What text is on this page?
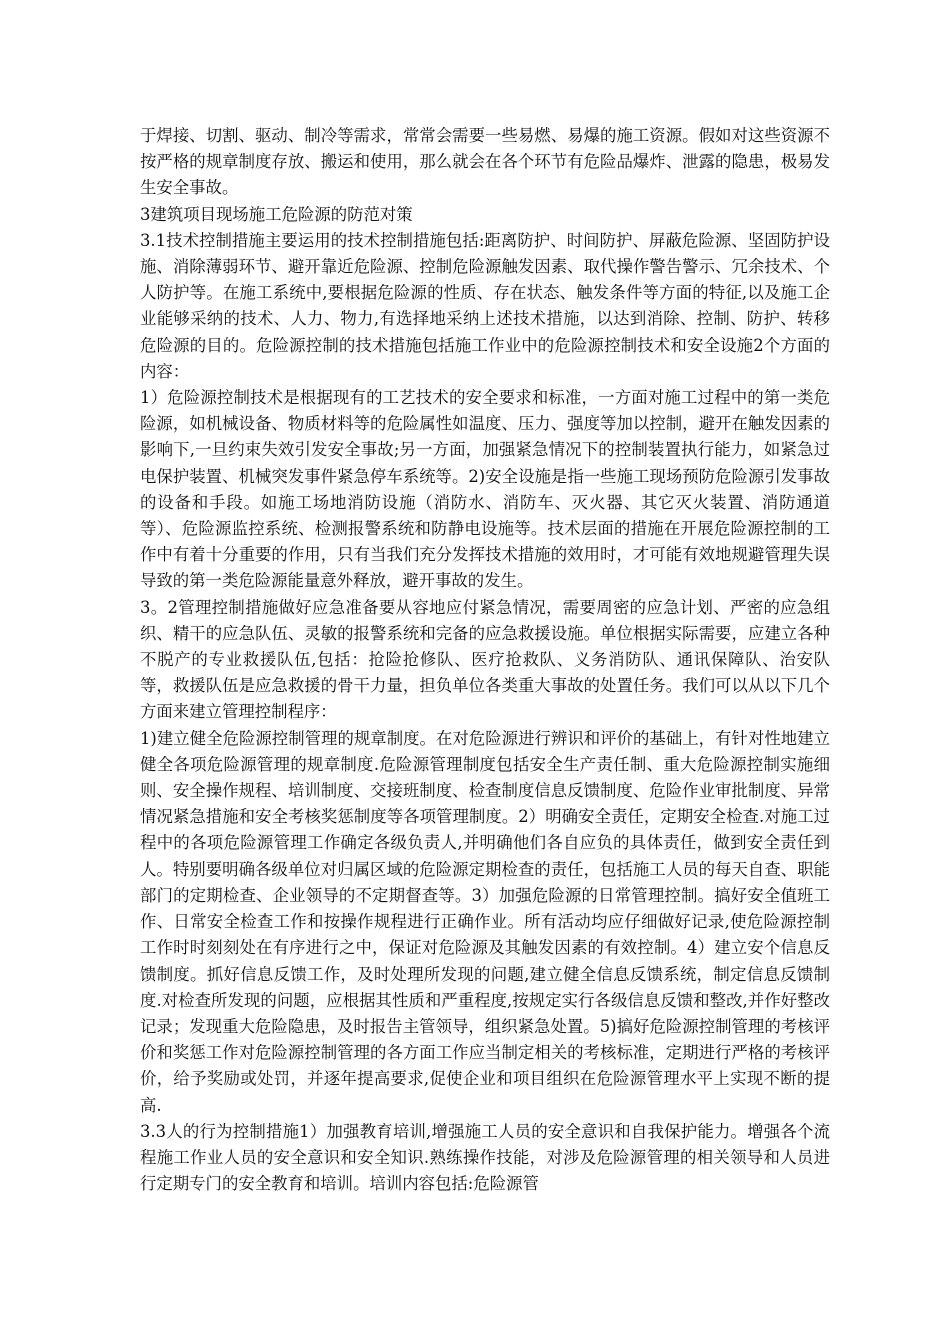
于焊接、切割、驱动、制冷等需求，常常会需要一些易燃、易爆的施工资源。假如对这些资源不按严格的规章制度存放、搬运和使用，那么就会在各个环节有危险品爆炸、泄露的隐患，极易发生安全事故。

3建筑项目现场施工危险源的防范对策

3.1技术控制措施主要运用的技术控制措施包括:距离防护、时间防护、屏蔽危险源、坚固防护设施、消除薄弱环节、避开靠近危险源、控制危险源触发因素、取代操作警告警示、冗余技术、个人防护等。在施工系统中,要根据危险源的性质、存在状态、触发条件等方面的特征,以及施工企业能够采纳的技术、人力、物力,有选择地采纳上述技术措施，以达到消除、控制、防护、转移危险源的目的。危险源控制的技术措施包括施工作业中的危险源控制技术和安全设施2个方面的内容：

1）危险源控制技术是根据现有的工艺技术的安全要求和标准，一方面对施工过程中的第一类危险源，如机械设备、物质材料等的危险属性如温度、压力、强度等加以控制，避开在触发因素的影响下,一旦约束失效引发安全事故;另一方面，加强紧急情况下的控制装置执行能力，如紧急过电保护装置、机械突发事件紧急停车系统等。2)安全设施是指一些施工现场预防危险源引发事故的设备和手段。如施工场地消防设施（消防水、消防车、灭火器、其它灭火装置、消防通道等）、危险源监控系统、检测报警系统和防静电设施等。技术层面的措施在开展危险源控制的工作中有着十分重要的作用，只有当我们充分发挥技术措施的效用时，才可能有效地规避管理失误导致的第一类危险源能量意外释放，避开事故的发生。

3。2管理控制措施做好应急准备要从容地应付紧急情况，需要周密的应急计划、严密的应急组织、精干的应急队伍、灵敏的报警系统和完备的应急救援设施。单位根据实际需要，应建立各种不脱产的专业救援队伍,包括：抢险抢修队、医疗抢救队、义务消防队、通讯保障队、治安队等，救援队伍是应急救援的骨干力量，担负单位各类重大事故的处置任务。我们可以从以下几个方面来建立管理控制程序：

1)建立健全危险源控制管理的规章制度。在对危险源进行辨识和评价的基础上，有针对性地建立健全各项危险源管理的规章制度.危险源管理制度包括安全生产责任制、重大危险源控制实施细则、安全操作规程、培训制度、交接班制度、检查制度信息反馈制度、危险作业审批制度、异常情况紧急措施和安全考核奖惩制度等各项管理制度。2）明确安全责任，定期安全检查.对施工过程中的各项危险源管理工作确定各级负责人,并明确他们各自应负的具体责任，做到安全责任到人。特别要明确各级单位对归属区域的危险源定期检查的责任，包括施工人员的每天自查、职能部门的定期检查、企业领导的不定期督查等。3）加强危险源的日常管理控制。搞好安全值班工作、日常安全检查工作和按操作规程进行正确作业。所有活动均应仔细做好记录,使危险源控制工作时时刻刻处在有序进行之中，保证对危险源及其触发因素的有效控制。4）建立安个信息反馈制度。抓好信息反馈工作，及时处理所发现的问题,建立健全信息反馈系统，制定信息反馈制度.对检查所发现的问题，应根据其性质和严重程度,按规定实行各级信息反馈和整改,并作好整改记录；发现重大危险隐患，及时报告主管领导，组织紧急处置。5)搞好危险源控制管理的考核评价和奖惩工作对危险源控制管理的各方面工作应当制定相关的考核标准，定期进行严格的考核评价，给予奖励或处罚，并逐年提高要求,促使企业和项目组织在危险源管理水平上实现不断的提高.

3.3人的行为控制措施1）加强教育培训,增强施工人员的安全意识和自我保护能力。增强各个流程施工作业人员的安全意识和安全知识.熟练操作技能，对涉及危险源管理的相关领导和人员进行定期专门的安全教育和培训。培训内容包括:危险源管
